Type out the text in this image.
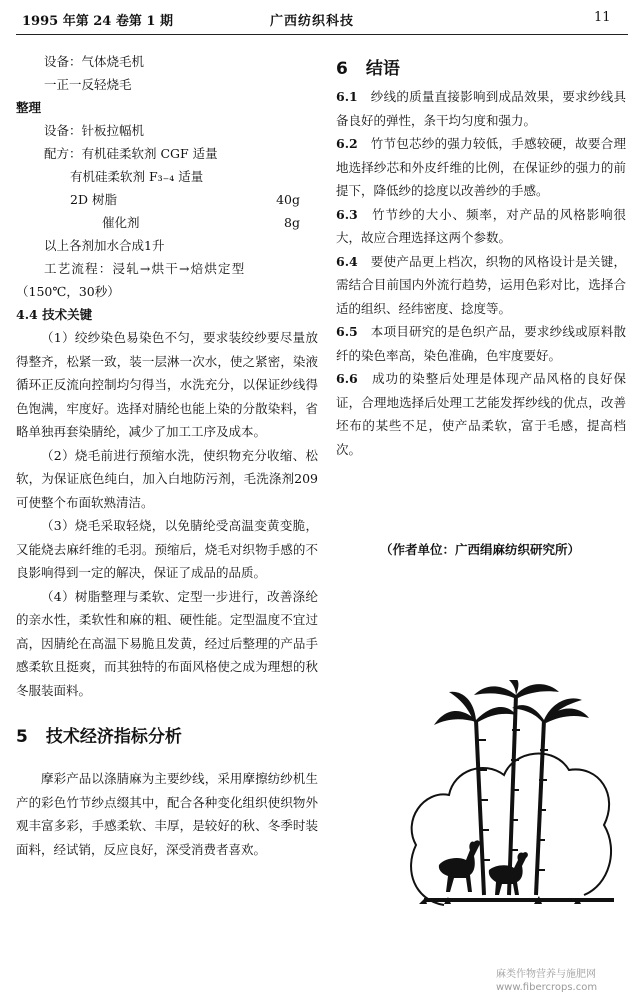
1995 年第 24 卷第 1 期	广西纺织科技	11

设备：气体烧毛机

一正一反轻烧毛

整理

设备：针板拉幅机

配方：有机硅柔软剂 CGF 适量

有机硅柔软剂 F₃₋₄ 适量

2D 树脂	40g
催化剂	8g

以上各剂加水合成1升

工艺流程：浸轧→烘干→焙烘定型

（150℃，30秒）

4.4 技术关键

（1）绞纱染色易染色不匀，要求装绞纱要尽量放得整齐，松紧一致，装一层淋一次水，使之紧密，染液循环正反流向控制均匀得当，水洗充分，以保证纱线得色饱满，牢度好。选择对腈纶也能上染的分散染料，省略单独再套染腈纶，减少了加工工序及成本。

（2）烧毛前进行预缩水洗，使织物充分收缩、松软，为保证底色纯白，加入白地防污剂，毛洗涤剂209可使整个布面软熟清洁。

（3）烧毛采取轻烧，以免腈纶受高温变黄变脆，又能烧去麻纤维的毛羽。预缩后，烧毛对织物手感的不良影响得到一定的解决，保证了成品的品质。

（4）树脂整理与柔软、定型一步进行，改善涤纶的亲水性，柔软性和麻的粗、硬性能。定型温度不宜过高，因腈纶在高温下易脆且发黄，经过后整理的产品手感柔软且挺爽，而其独特的布面风格使之成为理想的秋冬服装面料。

5 技术经济指标分析

摩彩产品以涤腈麻为主要纱线，采用摩擦纺纱机生产的彩色竹节纱点缀其中，配合各种变化组织使织物外观丰富多彩，手感柔软、丰厚，是较好的秋、冬季时装面料，经试销，反应良好，深受消费者喜欢。

6 结语

6.1　 纱线的质量直接影响到成品效果，要求纱线具备良好的弹性，条干均匀度和强力。

6.2　 竹节包芯纱的强力较低，手感较硬，故要合理地选择纱芯和外皮纤维的比例，在保证纱的强力的前提下，降低纱的捻度以改善纱的手感。

6.3　 竹节纱的大小、频率，对产品的风格影响很大，故应合理选择这两个参数。

6.4　 要使产品更上档次，织物的风格设计是关键，需结合目前国内外流行趋势，运用色彩对比，选择合适的组织、经纬密度、捻度等。

6.5　 本项目研究的是色织产品，要求纱线或原料散纤的染色率高，染色准确，色牢度要好。

6.6　 成功的染整后处理是体现产品风格的良好保证，合理地选择后处理工艺能发挥纱线的优点，改善坯布的某些不足，使产品柔软，富于毛感，提高档次。

（作者单位：广西绢麻纺织研究所）
麻类作物营养与施肥网
www.fibercrops.com
